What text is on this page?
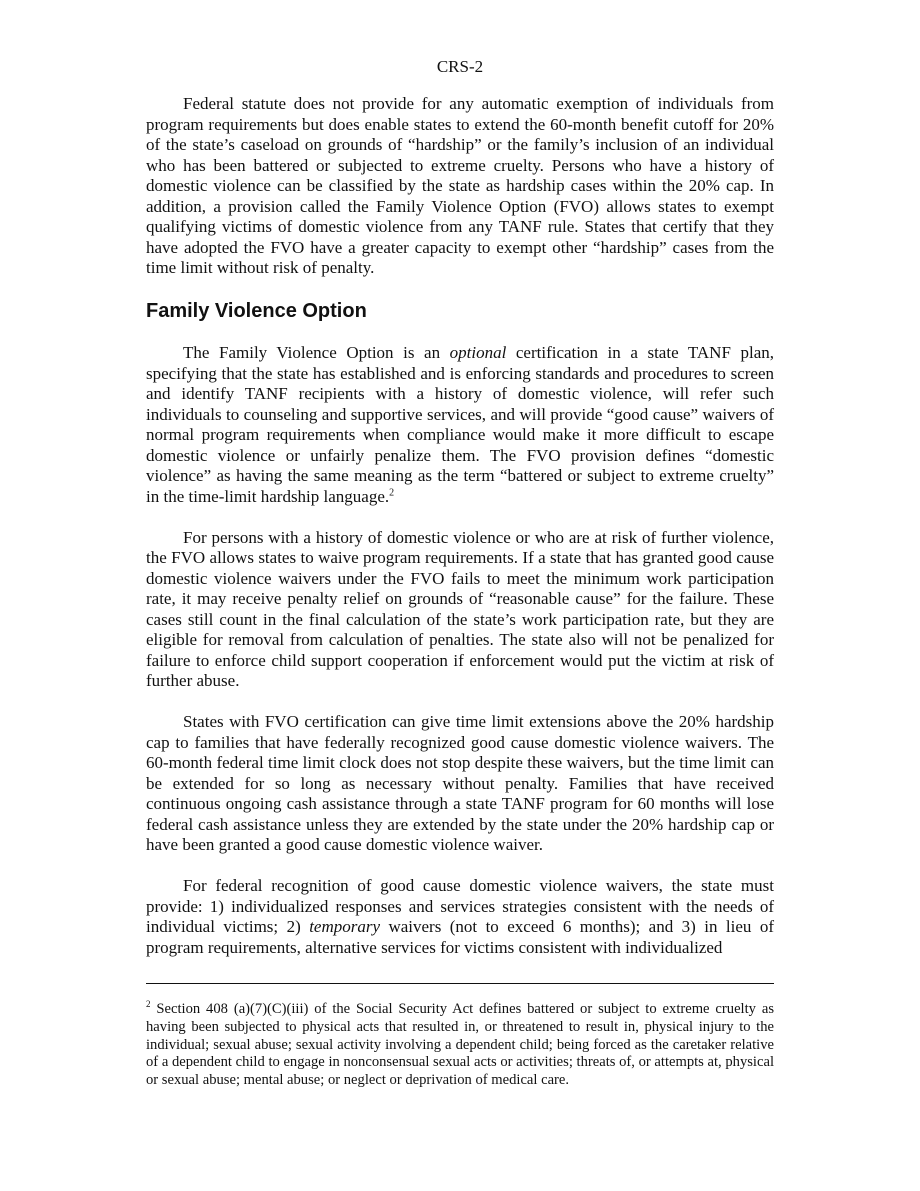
CRS-2

Federal statute does not provide for any automatic exemption of individuals from program requirements but does enable states to extend the 60-month benefit cutoff for 20% of the state’s caseload on grounds of “hardship” or the family’s inclusion of an individual who has been battered or subjected to extreme cruelty. Persons who have a history of domestic violence can be classified by the state as hardship cases within the 20% cap. In addition, a provision called the Family Violence Option (FVO) allows states to exempt qualifying victims of domestic violence from any TANF rule. States that certify that they have adopted the FVO have a greater capacity to exempt other “hardship” cases from the time limit without risk of penalty.

Family Violence Option

The Family Violence Option is an optional certification in a state TANF plan, specifying that the state has established and is enforcing standards and procedures to screen and identify TANF recipients with a history of domestic violence, will refer such individuals to counseling and supportive services, and will provide “good cause” waivers of normal program requirements when compliance would make it more difficult to escape domestic violence or unfairly penalize them. The FVO provision defines “domestic violence” as having the same meaning as the term “battered or subject to extreme cruelty” in the time-limit hardship language.$^2$

For persons with a history of domestic violence or who are at risk of further violence, the FVO allows states to waive program requirements. If a state that has granted good cause domestic violence waivers under the FVO fails to meet the minimum work participation rate, it may receive penalty relief on grounds of “reasonable cause” for the failure. These cases still count in the final calculation of the state’s work participation rate, but they are eligible for removal from calculation of penalties. The state also will not be penalized for failure to enforce child support cooperation if enforcement would put the victim at risk of further abuse.

States with FVO certification can give time limit extensions above the 20% hardship cap to families that have federally recognized good cause domestic violence waivers. The 60-month federal time limit clock does not stop despite these waivers, but the time limit can be extended for so long as necessary without penalty. Families that have received continuous ongoing cash assistance through a state TANF program for 60 months will lose federal cash assistance unless they are extended by the state under the 20% hardship cap or have been granted a good cause domestic violence waiver.

For federal recognition of good cause domestic violence waivers, the state must provide: 1) individualized responses and services strategies consistent with the needs of individual victims; 2) temporary waivers (not to exceed 6 months); and 3) in lieu of program requirements, alternative services for victims consistent with individualized

$^2$ Section 408 (a)(7)(C)(iii) of the Social Security Act defines battered or subject to extreme cruelty as having been subjected to physical acts that resulted in, or threatened to result in, physical injury to the individual; sexual abuse; sexual activity involving a dependent child; being forced as the caretaker relative of a dependent child to engage in nonconsensual sexual acts or activities; threats of, or attempts at, physical or sexual abuse; mental abuse; or neglect or deprivation of medical care.
